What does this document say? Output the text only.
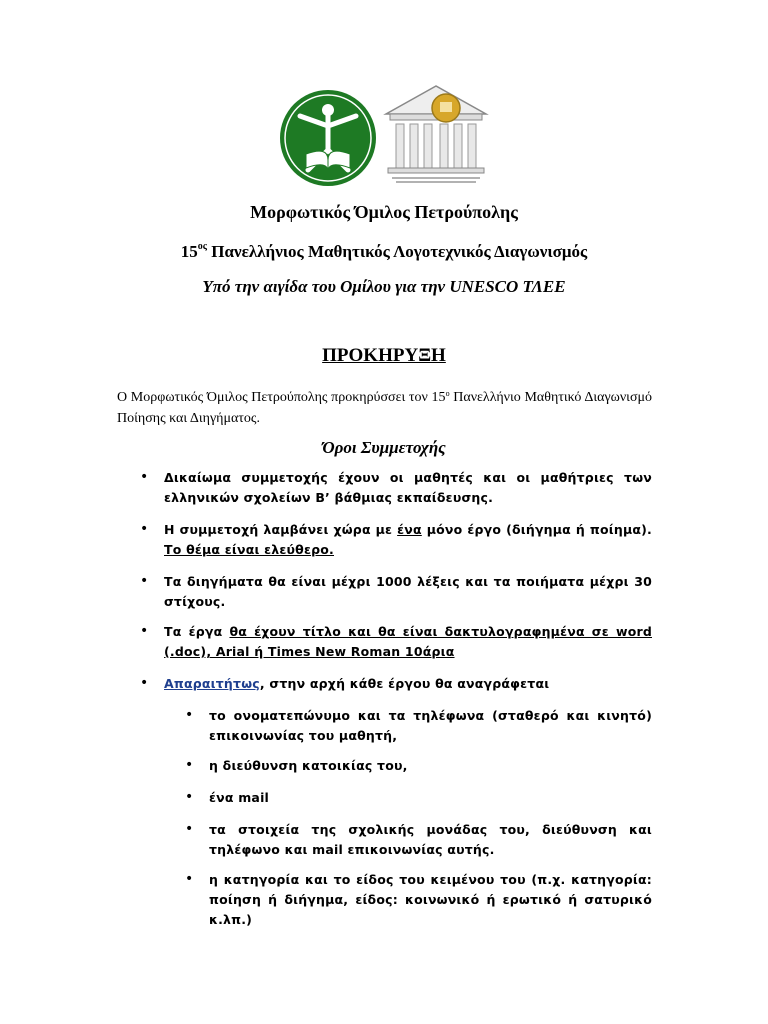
Μορφωτικός Όμιλος Πετρούπολης
$15^{o\varsigma}$ Πανελλήνιος Μαθητικός Λογοτεχνικός Διαγωνισμός
Υπό την αιγίδα του Ομίλου για την UNESCO ΤΛΕΕ
ΠΡΟΚΗΡΥΞΗ
Ο Μορφωτικός Όμιλος Πετρούπολης προκηρύσσει τον $15^o$ Πανελλήνιο Μαθητικό Διαγωνισμό Ποίησης και Διηγήματος.
Όροι Συμμετοχής
• Δικαίωμα συμμετοχής έχουν οι μαθητές και οι μαθήτριες των ελληνικών σχολείων Β’ βάθμιας εκπαίδευσης.
• Η συμμετοχή λαμβάνει χώρα με ένα μόνο έργο (διήγημα ή ποίημα). Το θέμα είναι ελεύθερο.
• Τα διηγήματα θα είναι μέχρι 1000 λέξεις και τα ποιήματα μέχρι 30 στίχους.
• Τα έργα θα έχουν τίτλο και θα είναι δακτυλογραφημένα σε word (.doc), Arial ή Times New Roman 10άρια
• Απαραιτήτως, στην αρχή κάθε έργου θα αναγράφεται
• το ονοματεπώνυμο και τα τηλέφωνα (σταθερό και κινητό) επικοινωνίας του μαθητή,
• η διεύθυνση κατοικίας του,
• ένα mail
• τα στοιχεία της σχολικής μονάδας του, διεύθυνση και τηλέφωνο και mail επικοινωνίας αυτής.
• η κατηγορία και το είδος του κειμένου του (π.χ. κατηγορία: ποίηση ή διήγημα, είδος: κοινωνικό ή ερωτικό ή σατυρικό κ.λπ.)
